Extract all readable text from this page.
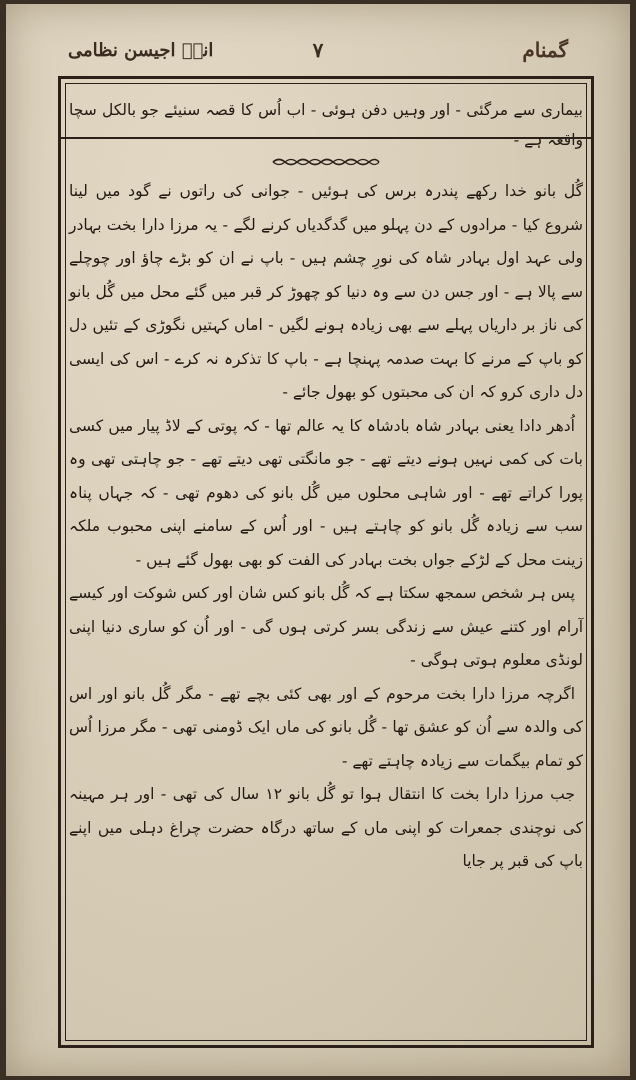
گمنام
۷
انیؔ اجیسن نظامی
بیماری سے مرگئی - اور وہیں دفن ہوئی - اب اُس کا قصہ سنیئے جو بالکل سچا واقعہ ہے -

گُل بانو خدا رکھے پندرہ برس کی ہوئیں - جوانی کی راتوں نے گود میں لینا شروع کیا - مرادوں کے دن پہلو میں گدگدیاں کرنے لگے - یہ مرزا دارا بخت بہادر ولی عہد اول بہادر شاہ کی نورِ چشم ہیں - باپ نے ان کو بڑے چاؤ اور چوچلے سے پالا ہے - اور جس دن سے وہ دنیا کو چھوڑ کر قبر میں گئے محل میں گُل بانو کی ناز بر داریاں پہلے سے بھی زیادہ ہونے لگیں - اماں کہتیں نگوڑی کے تئیں دل کو باپ کے مرنے کا بہت صدمہ پہنچا ہے - باپ کا تذکرہ نہ کرے - اس کی ایسی دل داری کرو کہ ان کی محبتوں کو بھول جائے -

اُدھر دادا یعنی بہادر شاہ بادشاہ کا یہ عالم تھا - کہ پوتی کے لاڈ پیار میں کسی بات کی کمی نہیں ہونے دیتے تھے - جو مانگتی تھی دیتے تھے - جو چاہتی تھی وہ پورا کراتے تھے - اور شاہی محلوں میں گُل بانو کی دھوم تھی - کہ جہاں پناہ سب سے زیادہ گُل بانو کو چاہتے ہیں - اور اُس کے سامنے اپنی محبوب ملکہ زینت محل کے لڑکے جواں بخت بہادر کی الفت کو بھی بھول گئے ہیں -

پس ہر شخص سمجھ سکتا ہے کہ گُل بانو کس شان اور کس شوکت اور کیسے آرام اور کتنے عیش سے زندگی بسر کرتی ہوں گی - اور اُن کو ساری دنیا اپنی لونڈی معلوم ہوتی ہوگی -

اگرچہ مرزا دارا بخت مرحوم کے اور بھی کئی بچے تھے - مگر گُل بانو اور اس کی والدہ سے اُن کو عشق تھا - گُل بانو کی ماں ایک ڈومنی تھی - مگر مرزا اُس کو تمام بیگمات سے زیادہ چاہتے تھے -

جب مرزا دارا بخت کا انتقال ہوا تو گُل بانو ۱۲ سال کی تھی - اور ہر مہینہ کی نوچندی جمعرات کو اپنی ماں کے ساتھ درگاہ حضرت چراغ دہلی میں اپنے باپ کی قبر پر جایا
